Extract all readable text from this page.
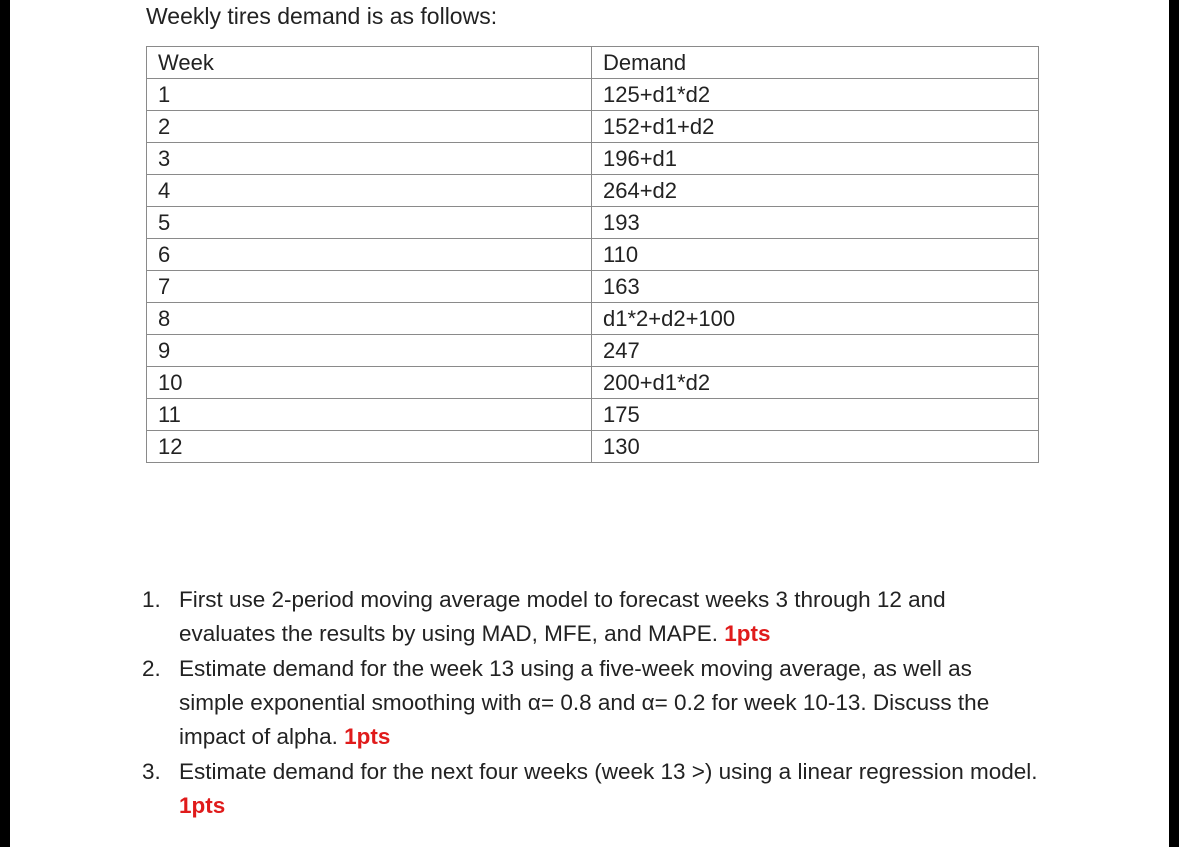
Weekly tires demand is as follows:
Week	Demand
1	125+d1*d2
2	152+d1+d2
3	196+d1
4	264+d2
5	193
6	110
7	163
8	d1*2+d2+100
9	247
10	200+d1*d2
11	175
12	130
1. First use 2-period moving average model to forecast weeks 3 through 12 and evaluates the results by using MAD, MFE, and MAPE. 1pts
2. Estimate demand for the week 13 using a five-week moving average, as well as simple exponential smoothing with α= 0.8 and α= 0.2 for week 10-13. Discuss the impact of alpha. 1pts
3. Estimate demand for the next four weeks (week 13 >) using a linear regression model. 1pts
